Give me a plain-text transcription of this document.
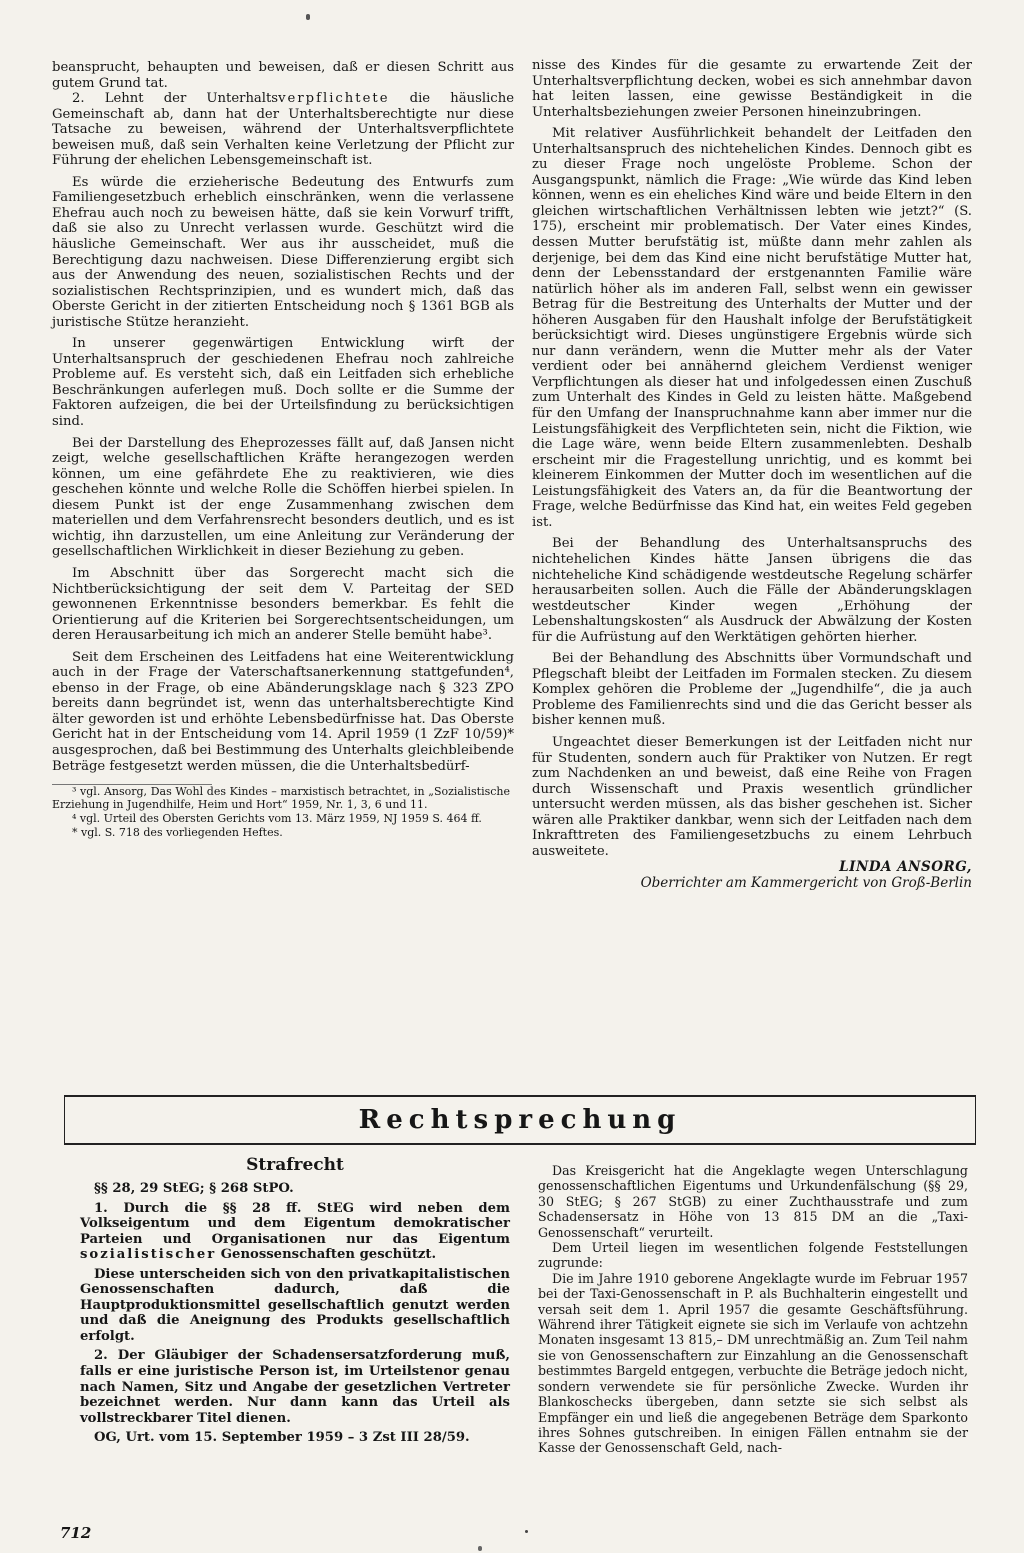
beansprucht, behaupten und beweisen, daß er diesen Schritt aus gutem Grund tat.

2. Lehnt der Unterhaltsverpflichtete die häusliche Gemeinschaft ab, dann hat der Unterhaltsberechtigte nur diese Tatsache zu beweisen, während der Unterhaltsverpflichtete beweisen muß, daß sein Verhalten keine Verletzung der Pflicht zur Führung der ehelichen Lebensgemeinschaft ist.

Es würde die erzieherische Bedeutung des Entwurfs zum Familiengesetzbuch erheblich einschränken, wenn die verlassene Ehefrau auch noch zu beweisen hätte, daß sie kein Vorwurf trifft, daß sie also zu Unrecht verlassen wurde. Geschützt wird die häusliche Gemeinschaft. Wer aus ihr ausscheidet, muß die Berechtigung dazu nachweisen. Diese Differenzierung ergibt sich aus der Anwendung des neuen, sozialistischen Rechts und der sozialistischen Rechtsprinzipien, und es wundert mich, daß das Oberste Gericht in der zitierten Entscheidung noch § 1361 BGB als juristische Stütze heranzieht.

In unserer gegenwärtigen Entwicklung wirft der Unterhaltsanspruch der geschiedenen Ehefrau noch zahlreiche Probleme auf. Es versteht sich, daß ein Leitfaden sich erhebliche Beschränkungen auferlegen muß. Doch sollte er die Summe der Faktoren aufzeigen, die bei der Urteilsfindung zu berücksichtigen sind.

Bei der Darstellung des Eheprozesses fällt auf, daß Jansen nicht zeigt, welche gesellschaftlichen Kräfte herangezogen werden können, um eine gefährdete Ehe zu reaktivieren, wie dies geschehen könnte und welche Rolle die Schöffen hierbei spielen. In diesem Punkt ist der enge Zusammenhang zwischen dem materiellen und dem Verfahrensrecht besonders deutlich, und es ist wichtig, ihn darzustellen, um eine Anleitung zur Veränderung der gesellschaftlichen Wirklichkeit in dieser Beziehung zu geben.

Im Abschnitt über das Sorgerecht macht sich die Nichtberücksichtigung der seit dem V. Parteitag der SED gewonnenen Erkenntnisse besonders bemerkbar. Es fehlt die Orientierung auf die Kriterien bei Sorgerechtsentscheidungen, um deren Herausarbeitung ich mich an anderer Stelle bemüht habe³.

Seit dem Erscheinen des Leitfadens hat eine Weiterentwicklung auch in der Frage der Vaterschaftsanerkennung stattgefunden⁴, ebenso in der Frage, ob eine Abänderungsklage nach § 323 ZPO bereits dann begründet ist, wenn das unterhaltsberechtigte Kind älter geworden ist und erhöhte Lebensbedürfnisse hat. Das Oberste Gericht hat in der Entscheidung vom 14. April 1959 (1 ZzF 10/59)* ausgesprochen, daß bei Bestimmung des Unterhalts gleichbleibende Beträge festgesetzt werden müssen, die die Unterhaltsbedürf-

³ vgl. Ansorg, Das Wohl des Kindes – marxistisch betrachtet, in „Sozialistische Erziehung in Jugendhilfe, Heim und Hort“ 1959, Nr. 1, 3, 6 und 11.

⁴ vgl. Urteil des Obersten Gerichts vom 13. März 1959, NJ 1959 S. 464 ff.

* vgl. S. 718 des vorliegenden Heftes.

nisse des Kindes für die gesamte zu erwartende Zeit der Unterhaltsverpflichtung decken, wobei es sich annehmbar davon hat leiten lassen, eine gewisse Beständigkeit in die Unterhaltsbeziehungen zweier Personen hineinzubringen.

Mit relativer Ausführlichkeit behandelt der Leitfaden den Unterhaltsanspruch des nichtehelichen Kindes. Dennoch gibt es zu dieser Frage noch ungelöste Probleme. Schon der Ausgangspunkt, nämlich die Frage: „Wie würde das Kind leben können, wenn es ein eheliches Kind wäre und beide Eltern in den gleichen wirtschaftlichen Verhältnissen lebten wie jetzt?“ (S. 175), erscheint mir problematisch. Der Vater eines Kindes, dessen Mutter berufstätig ist, müßte dann mehr zahlen als derjenige, bei dem das Kind eine nicht berufstätige Mutter hat, denn der Lebensstandard der erstgenannten Familie wäre natürlich höher als im anderen Fall, selbst wenn ein gewisser Betrag für die Bestreitung des Unterhalts der Mutter und der höheren Ausgaben für den Haushalt infolge der Berufstätigkeit berücksichtigt wird. Dieses ungünstigere Ergebnis würde sich nur dann verändern, wenn die Mutter mehr als der Vater verdient oder bei annähernd gleichem Verdienst weniger Verpflichtungen als dieser hat und infolgedessen einen Zuschuß zum Unterhalt des Kindes in Geld zu leisten hätte. Maßgebend für den Umfang der Inanspruchnahme kann aber immer nur die Leistungsfähigkeit des Verpflichteten sein, nicht die Fiktion, wie die Lage wäre, wenn beide Eltern zusammenlebten. Deshalb erscheint mir die Fragestellung unrichtig, und es kommt bei kleinerem Einkommen der Mutter doch im wesentlichen auf die Leistungsfähigkeit des Vaters an, da für die Beantwortung der Frage, welche Bedürfnisse das Kind hat, ein weites Feld gegeben ist.

Bei der Behandlung des Unterhaltsanspruchs des nichtehelichen Kindes hätte Jansen übrigens die das nichteheliche Kind schädigende westdeutsche Regelung schärfer herausarbeiten sollen. Auch die Fälle der Abänderungsklagen westdeutscher Kinder wegen „Erhöhung der Lebenshaltungskosten“ als Ausdruck der Abwälzung der Kosten für die Aufrüstung auf den Werktätigen gehörten hierher.

Bei der Behandlung des Abschnitts über Vormundschaft und Pflegschaft bleibt der Leitfaden im Formalen stecken. Zu diesem Komplex gehören die Probleme der „Jugendhilfe“, die ja auch Probleme des Familienrechts sind und die das Gericht besser als bisher kennen muß.

Ungeachtet dieser Bemerkungen ist der Leitfaden nicht nur für Studenten, sondern auch für Praktiker von Nutzen. Er regt zum Nachdenken an und beweist, daß eine Reihe von Fragen durch Wissenschaft und Praxis wesentlich gründlicher untersucht werden müssen, als das bisher geschehen ist. Sicher wären alle Praktiker dankbar, wenn sich der Leitfaden nach dem Inkrafttreten des Familiengesetzbuchs zu einem Lehrbuch ausweitete.

LINDA ANSORG,
Oberrichter am Kammergericht von Groß-Berlin
Rechtsprechung
Strafrecht

§§ 28, 29 StEG; § 268 StPO.

1. Durch die §§ 28 ff. StEG wird neben dem Volkseigentum und dem Eigentum demokratischer Parteien und Organisationen nur das Eigentum sozialistischer Genossenschaften geschützt.

Diese unterscheiden sich von den privatkapitalistischen Genossenschaften dadurch, daß die Hauptproduktionsmittel gesellschaftlich genutzt werden und daß die Aneignung des Produkts gesellschaftlich erfolgt.

2. Der Gläubiger der Schadensersatzforderung muß, falls er eine juristische Person ist, im Urteilstenor genau nach Namen, Sitz und Angabe der gesetzlichen Vertreter bezeichnet werden. Nur dann kann das Urteil als vollstreckbarer Titel dienen.

OG, Urt. vom 15. September 1959 – 3 Zst III 28/59.

Das Kreisgericht hat die Angeklagte wegen Unterschlagung genossenschaftlichen Eigentums und Urkundenfälschung (§§ 29, 30 StEG; § 267 StGB) zu einer Zuchthausstrafe und zum Schadensersatz in Höhe von 13 815 DM an die „Taxi-Genossenschaft“ verurteilt.

Dem Urteil liegen im wesentlichen folgende Feststellungen zugrunde:

Die im Jahre 1910 geborene Angeklagte wurde im Februar 1957 bei der Taxi-Genossenschaft in P. als Buchhalterin eingestellt und versah seit dem 1. April 1957 die gesamte Geschäftsführung. Während ihrer Tätigkeit eignete sie sich im Verlaufe von achtzehn Monaten insgesamt 13 815,– DM unrechtmäßig an. Zum Teil nahm sie von Genossenschaftern zur Einzahlung an die Genossenschaft bestimmtes Bargeld entgegen, verbuchte die Beträge jedoch nicht, sondern verwendete sie für persönliche Zwecke. Wurden ihr Blankoschecks übergeben, dann setzte sie sich selbst als Empfänger ein und ließ die angegebenen Beträge dem Sparkonto ihres Sohnes gutschreiben. In einigen Fällen entnahm sie der Kasse der Genossenschaft Geld, nach-

712
